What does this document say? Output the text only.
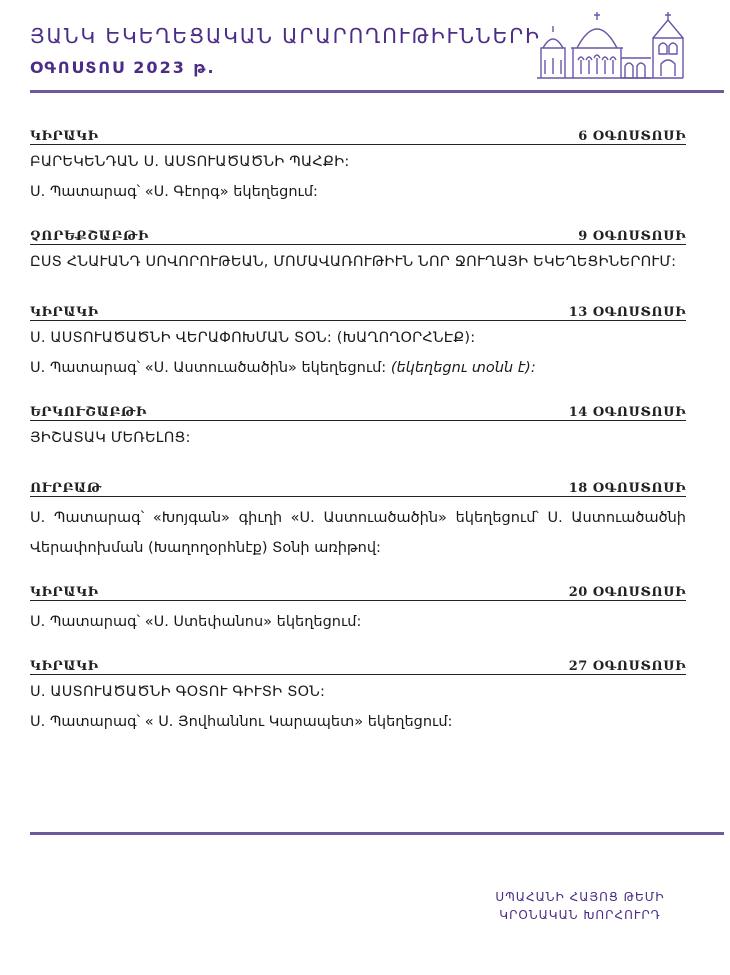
ՅԱՆԿ ԵԿԵՂԵՑԱԿԱՆ ԱՐԱՐՈՂՈՒԹԻՒՆՆԵՐԻ
ՕԳՈՍՏՈՍ 2023 թ.
ԿԻՐԱԿԻ	6 ՕԳՈՍՏՈՍԻ
ԲԱՐԵԿԵՆԴԱՆ Ս. ԱՍՏՈՒԱԾԱԾՆԻ ՊԱՀՔԻ:
Ս. Պատարագ՝ «Ս. Գէորգ» եկեղեցում:
ՉՈՐԵՔՇԱԲԹԻ	9 ՕԳՈՍՏՈՍԻ
ԸՍՏ ՀՆԱՒԱՆԴ ՍՈՎՈՐՈՒԹԵԱՆ, ՄՈՄԱՎԱՌՈՒԹԻՒՆ ՆՈՐ ՋՈՒՂԱՅԻ ԵԿԵՂԵՑԻՆԵՐՈՒՄ:
ԿԻՐԱԿԻ	13 ՕԳՈՍՏՈՍԻ
Ս. ԱՍՏՈՒԱԾԱԾՆԻ ՎԵՐԱՓՈԽՄԱՆ ՏՕՆ: (ԽԱՂՈՂՕՐՀՆԷՔ):
Ս. Պատարագ՝ «Ս. Աստուածածին» եկեղեցում: (եկեղեցու տօնն է):
ԵՐԿՈՒՇԱԲԹԻ	14 ՕԳՈՍՏՈՍԻ
ՅԻՇԱՏԱԿ ՄԵՌԵԼՈՑ:
ՈՒՐԲԱԹ	18 ՕԳՈՍՏՈՍԻ
Ս. Պատարագ՝ «Խոյգան» գիւղի «Ս. Աստուածածին» եկեղեցում՝ Ս. Աստուածածնի Վերափոխման (Խաղողօրհնէք) Տօնի առիթով:
ԿԻՐԱԿԻ	20 ՕԳՈՍՏՈՍԻ
Ս. Պատարագ՝ «Ս. Ստեփանոս» եկեղեցում:
ԿԻՐԱԿԻ	27 ՕԳՈՍՏՈՍԻ
Ս. ԱՍՏՈՒԱԾԱԾՆԻ ԳՕՏՈՒ ԳԻՒՏԻ ՏՕՆ:
Ս. Պատարագ՝ « Ս. Յովհաննու Կարապետ» եկեղեցում:
ՍՊԱՀԱՆԻ ՀԱՅՈՑ ԹԵՄԻ
ԿՐՕՆԱԿԱՆ ԽՈՐՀՈՒՐԴ
